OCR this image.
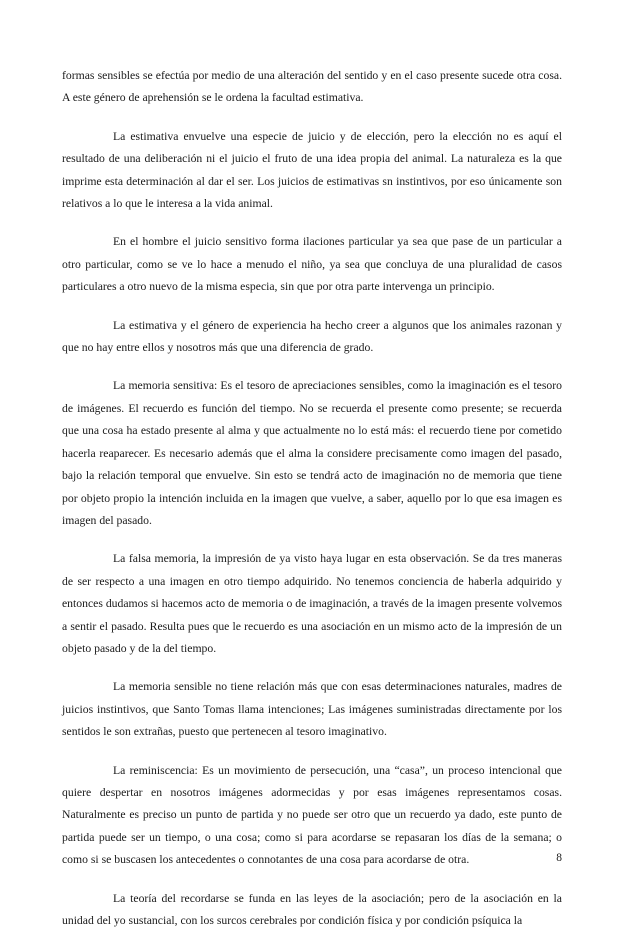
formas sensibles se efectúa por medio de una alteración del sentido y en el caso presente sucede otra cosa. A este género de aprehensión se le ordena la facultad estimativa.

La estimativa envuelve una especie de juicio y de elección, pero la elección no es aquí el resultado de una deliberación ni el juicio el fruto de una idea propia del animal. La naturaleza es la que imprime esta determinación al dar el ser. Los juicios de estimativas sn instintivos, por eso únicamente son relativos a lo que le interesa a la vida animal.

En el hombre el juicio sensitivo forma ilaciones particular ya sea que pase de un particular a otro particular, como se ve lo hace a menudo el niño, ya sea que concluya de una pluralidad de casos particulares a otro nuevo de la misma especia, sin que por otra parte intervenga un principio.

La estimativa y el género de experiencia ha hecho creer a algunos que los animales razonan y que no hay entre ellos y nosotros más que una diferencia de grado.

La memoria sensitiva: Es el tesoro de apreciaciones sensibles, como la imaginación es el tesoro de imágenes. El recuerdo es función del tiempo. No se recuerda el presente como presente; se recuerda que una cosa ha estado presente al alma y que actualmente no lo está más: el recuerdo tiene por cometido hacerla reaparecer. Es necesario además que el alma la considere precisamente como imagen del pasado, bajo la relación temporal que envuelve. Sin esto se tendrá acto de imaginación no de memoria que tiene por objeto propio la intención incluida en la imagen que vuelve, a saber, aquello por lo que esa imagen es imagen del pasado.

La falsa memoria, la impresión de ya visto haya lugar en esta observación. Se da tres maneras de ser respecto a una imagen en otro tiempo adquirido. No tenemos conciencia de haberla adquirido y entonces dudamos si hacemos acto de memoria o de imaginación, a través de la imagen presente volvemos a sentir el pasado. Resulta pues que le recuerdo es una asociación en un mismo acto de la impresión de un objeto pasado y de la del tiempo.

La memoria sensible no tiene relación más que con esas determinaciones naturales, madres de juicios instintivos, que Santo Tomas llama intenciones; Las imágenes suministradas directamente por los sentidos le son extrañas, puesto que pertenecen al tesoro imaginativo.

La reminiscencia: Es un movimiento de persecución, una “casa”, un proceso intencional que quiere despertar en nosotros imágenes adormecidas y por esas imágenes representamos cosas. Naturalmente es preciso un punto de partida y no puede ser otro que un recuerdo ya dado, este punto de partida puede ser un tiempo, o una cosa; como si para acordarse se repasaran los días de la semana; o como si se buscasen los antecedentes o connotantes de una cosa para acordarse de otra.

La teoría del recordarse se funda en las leyes de la asociación; pero de la asociación en la unidad del yo sustancial, con los surcos cerebrales por condición física y por condición psíquica la

8
